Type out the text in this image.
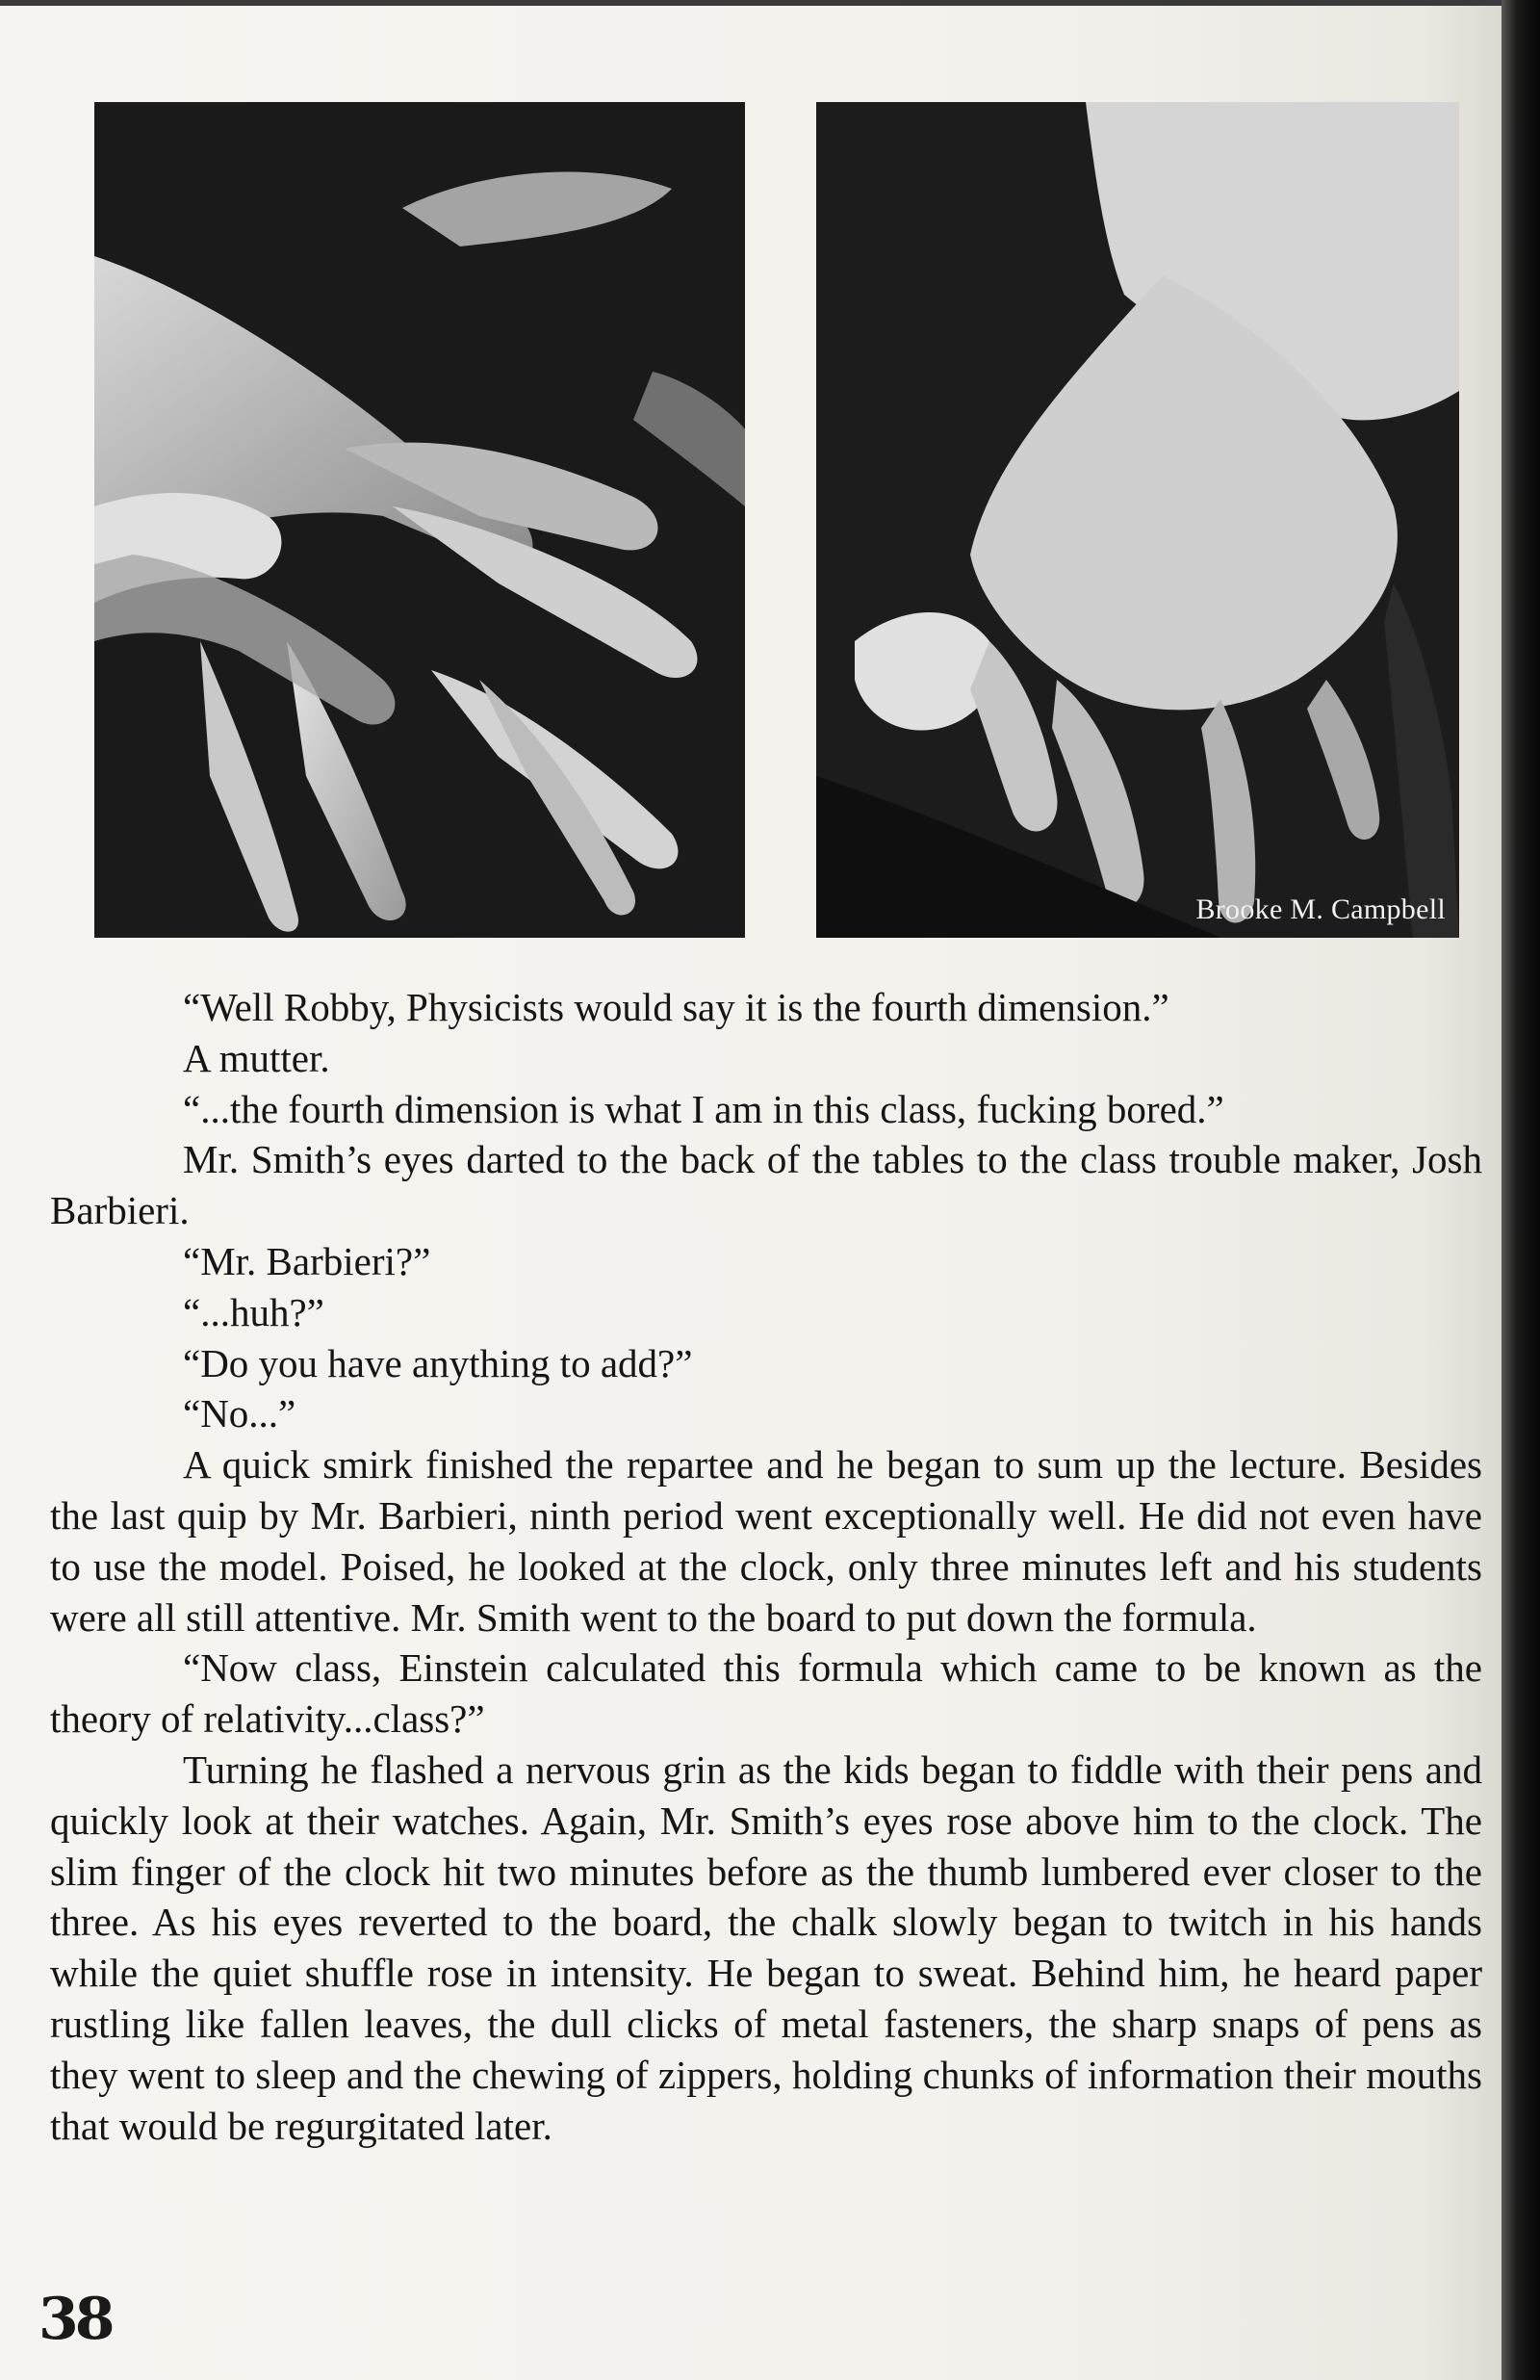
Brooke M. Campbell

“Well Robby, Physicists would say it is the fourth dimension.”

A mutter.

“...the fourth dimension is what I am in this class, fucking bored.”

Mr. Smith’s eyes darted to the back of the tables to the class trouble maker, Josh Barbieri.

“Mr. Barbieri?”

“...huh?”

“Do you have anything to add?”

“No...”

A quick smirk finished the repartee and he began to sum up the lecture. Besides the last quip by Mr. Barbieri, ninth period went exceptionally well. He did not even have to use the model. Poised, he looked at the clock, only three minutes left and his students were all still attentive. Mr. Smith went to the board to put down the formula.

“Now class, Einstein calculated this formula which came to be known as the theory of relativity...class?”

Turning he flashed a nervous grin as the kids began to fiddle with their pens and quickly look at their watches. Again, Mr. Smith’s eyes rose above him to the clock. The slim finger of the clock hit two minutes before as the thumb lumbered ever closer to the three. As his eyes reverted to the board, the chalk slowly began to twitch in his hands while the quiet shuffle rose in intensity. He began to sweat. Behind him, he heard paper rustling like fallen leaves, the dull clicks of metal fasteners, the sharp snaps of pens as they went to sleep and the chewing of zippers, holding chunks of information their mouths that would be regurgitated later.

38
